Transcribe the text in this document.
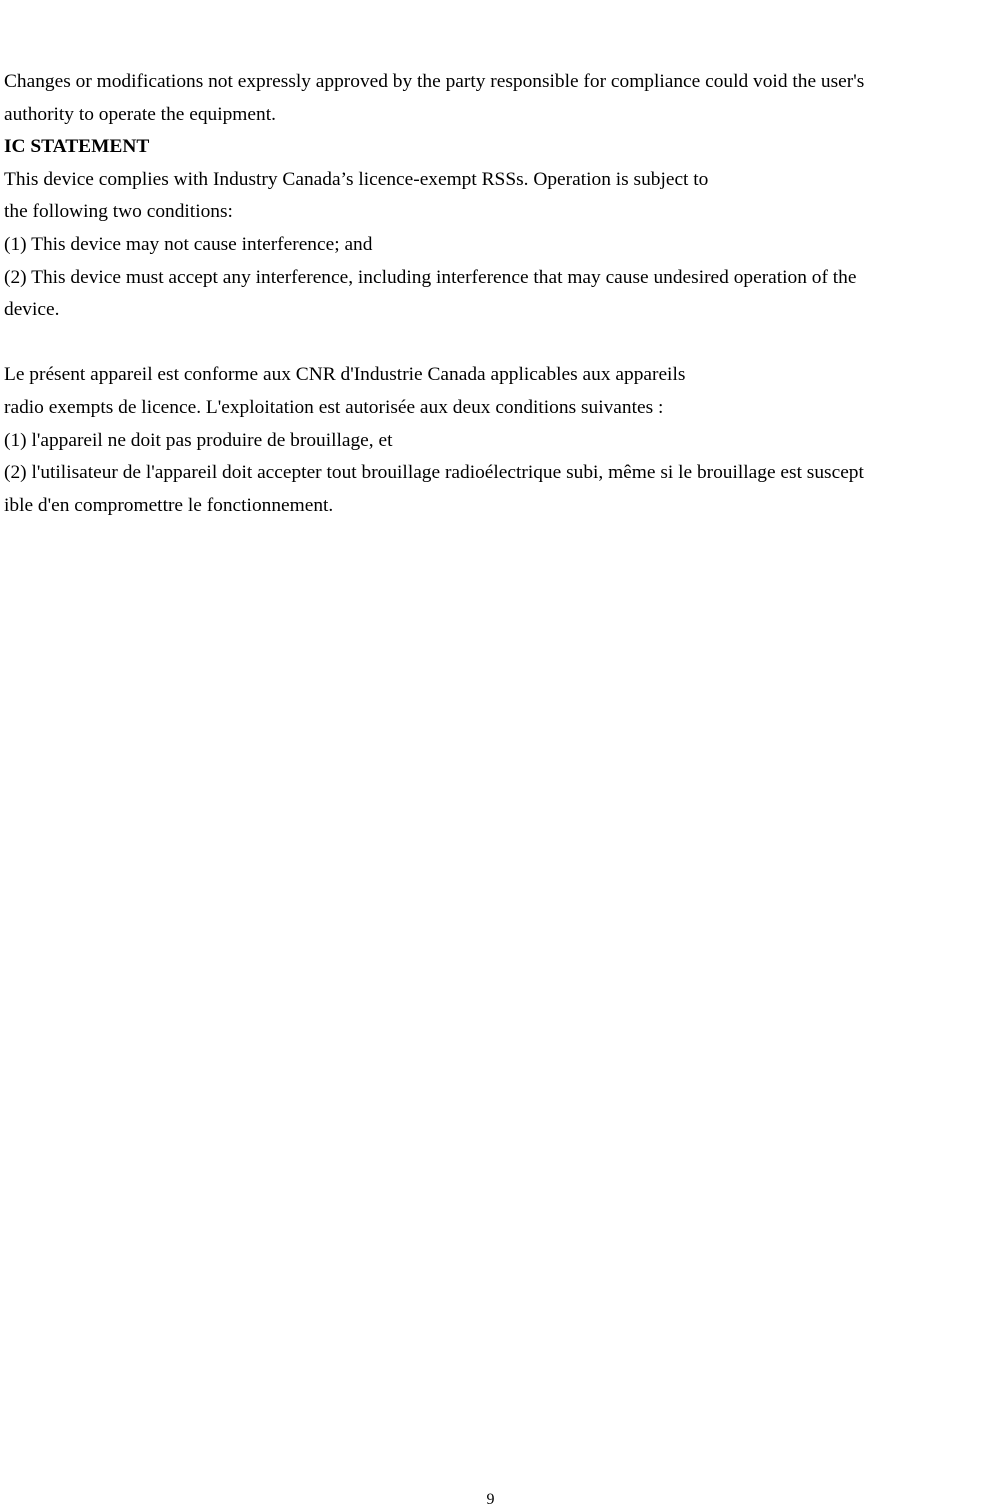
Changes or modifications not expressly approved by the party responsible for compliance could void the user's

authority to operate the equipment.

IC STATEMENT

This device complies with Industry Canada’s licence-exempt RSSs. Operation is subject to

the following two conditions:

(1) This device may not cause interference; and

(2) This device must accept any interference, including interference that may cause undesired operation of the

device.

Le présent appareil est conforme aux CNR d'Industrie Canada applicables aux appareils

radio exempts de licence. L'exploitation est autorisée aux deux conditions suivantes :

(1) l'appareil ne doit pas produire de brouillage, et

(2) l'utilisateur de l'appareil doit accepter tout brouillage radioélectrique subi, même si le brouillage est suscept

ible d'en compromettre le fonctionnement.

9
